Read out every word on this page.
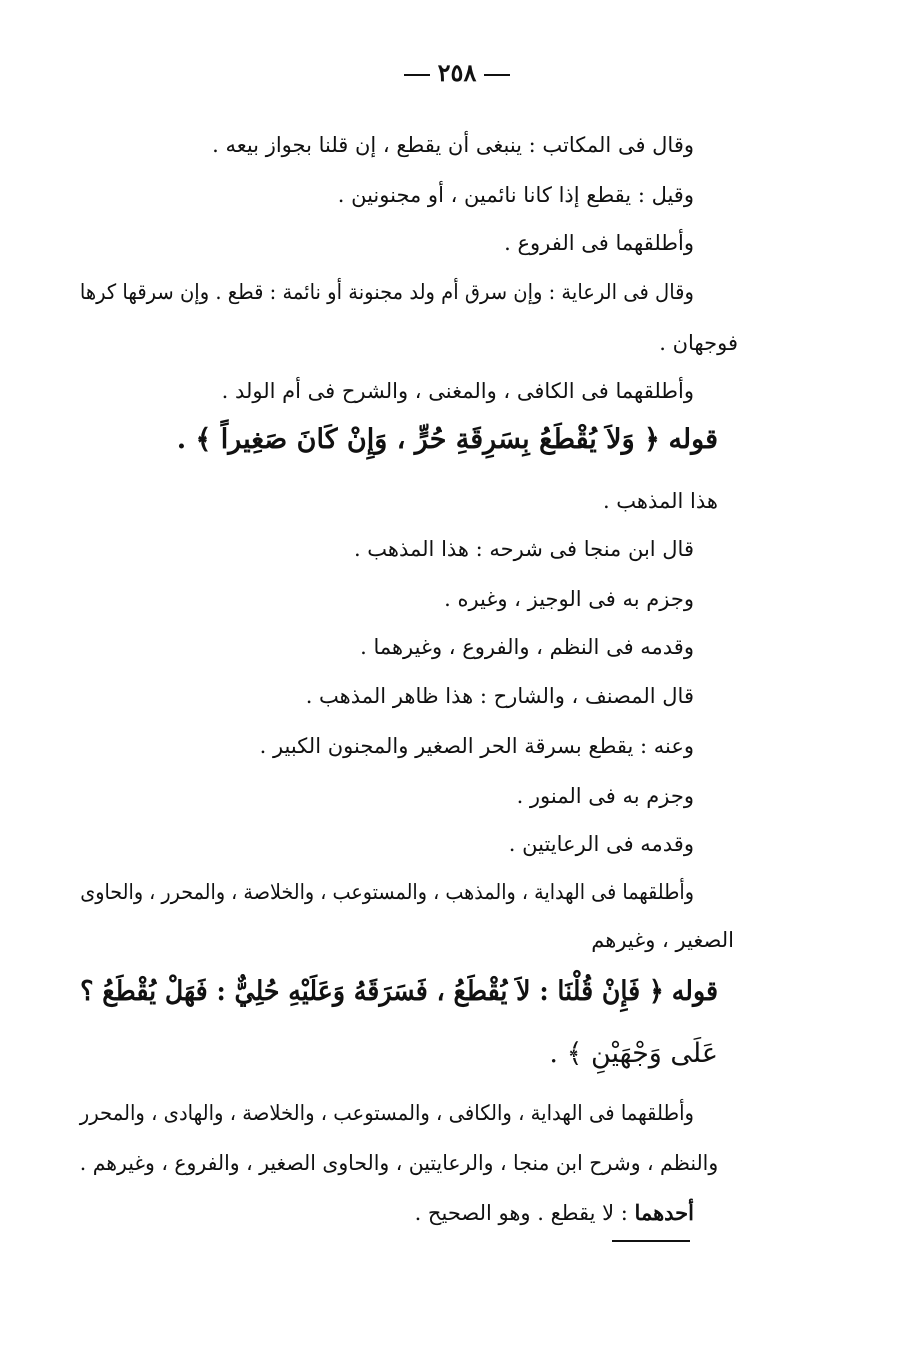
٢٥٨
وقال فى المكاتب : ينبغى أن يقطع ، إن قلنا بجواز بيعه .
وقيل : يقطع إذا كانا نائمين ، أو مجنونين .
وأطلقهما فى الفروع .
وقال فى الرعاية : وإن سرق أم ولد مجنونة أو نائمة : قطع . وإن سرقها كرها
فوجهان .
وأطلقهما فى الكافى ، والمغنى ، والشرح فى أم الولد .
قوله ﴿ وَلاَ يُقْطَعُ بِسَرِقَةِ حُرٍّ ، وَإِنْ كَانَ صَغِيراً ﴾ .
هذا المذهب .
قال ابن منجا فى شرحه : هذا المذهب .
وجزم به فى الوجيز ، وغيره .
وقدمه فى النظم ، والفروع ، وغيرهما .
قال المصنف ، والشارح : هذا ظاهر المذهب .
وعنه : يقطع بسرقة الحر الصغير والمجنون الكبير .
وجزم به فى المنور .
وقدمه فى الرعايتين .
وأطلقهما فى الهداية ، والمذهب ، والمستوعب ، والخلاصة ، والمحرر ، والحاوى
الصغير ، وغيرهم
قوله ﴿ فَإِنْ قُلْنَا : لاَ يُقْطَعُ ، فَسَرَقَهُ وَعَلَيْهِ حُلِيٌّ : فَهَلْ يُقْطَعُ ؟
عَلَى وَجْهَيْنِ ﴾ .
وأطلقهما فى الهداية ، والكافى ، والمستوعب ، والخلاصة ، والهادى ، والمحرر
والنظم ، وشرح ابن منجا ، والرعايتين ، والحاوى الصغير ، والفروع ، وغيرهم .
أحدهما : لا يقطع . وهو الصحيح .
